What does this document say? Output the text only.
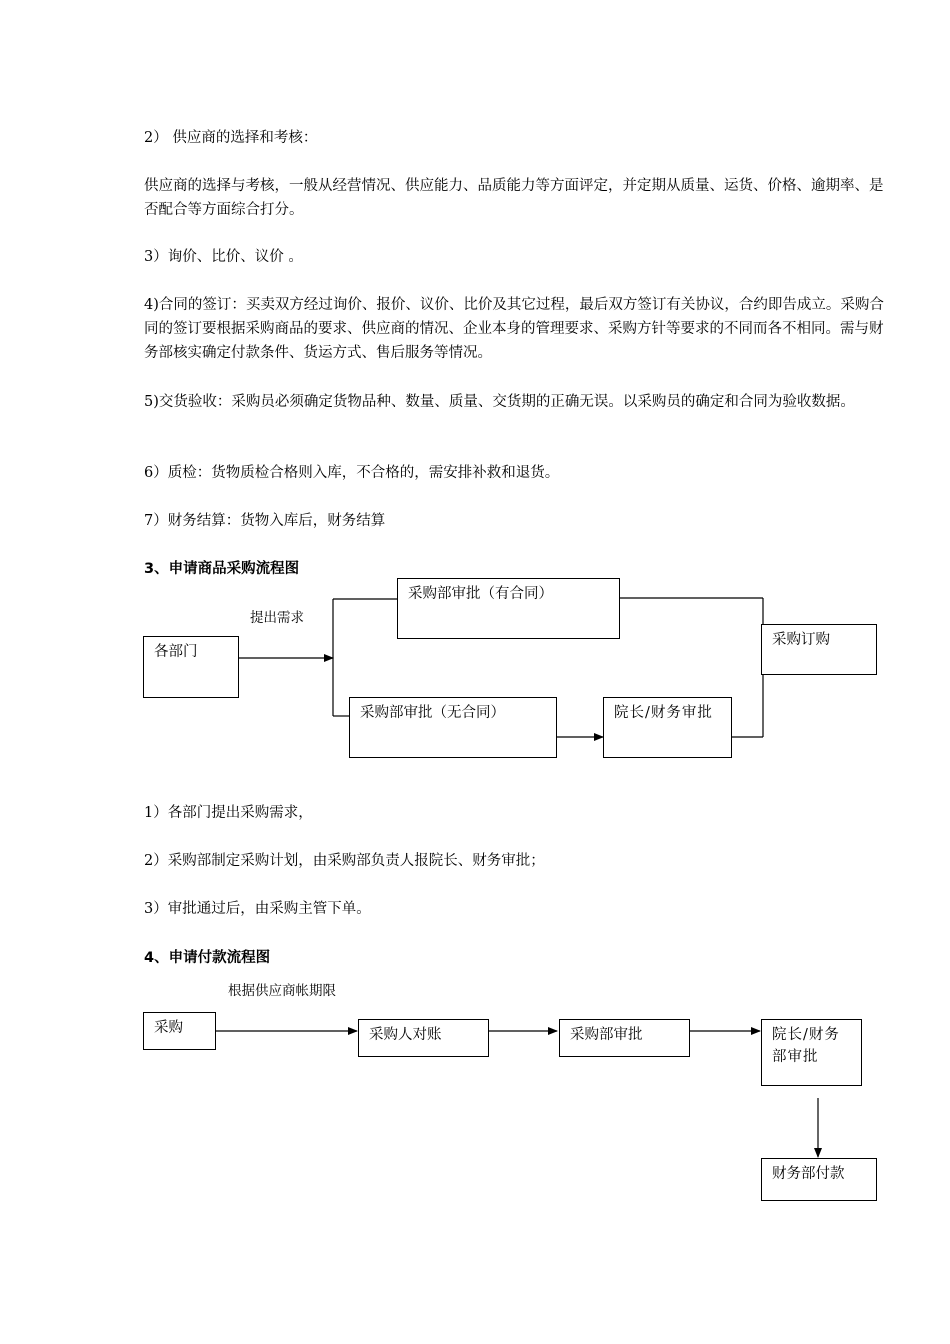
2） 供应商的选择和考核：

供应商的选择与考核，一般从经营情况、供应能力、品质能力等方面评定，并定期从质量、运货、价格、逾期率、是否配合等方面综合打分。

3）询价、比价、议价 。

4)合同的签订：买卖双方经过询价、报价、议价、比价及其它过程，最后双方签订有关协议，合约即告成立。采购合同的签订要根据采购商品的要求、供应商的情况、企业本身的管理要求、采购方针等要求的不同而各不相同。需与财务部核实确定付款条件、货运方式、售后服务等情况。

5)交货验收：采购员必须确定货物品种、数量、质量、交货期的正确无误。以采购员的确定和合同为验收数据。

6）质检：货物质检合格则入库，不合格的，需安排补救和退货。

7）财务结算：货物入库后，财务结算

3、申请商品采购流程图
提出需求
各部门
采购部审批（有合同）
采购部审批（无合同）	院长/财务审批
采购订购

1）各部门提出采购需求，

2）采购部制定采购计划，由采购部负责人报院长、财务审批；

3）审批通过后，由采购主管下单。

4、申请付款流程图
根据供应商帐期限
采购	采购人对账	采购部审批	院长/财务部审批
财务部付款
